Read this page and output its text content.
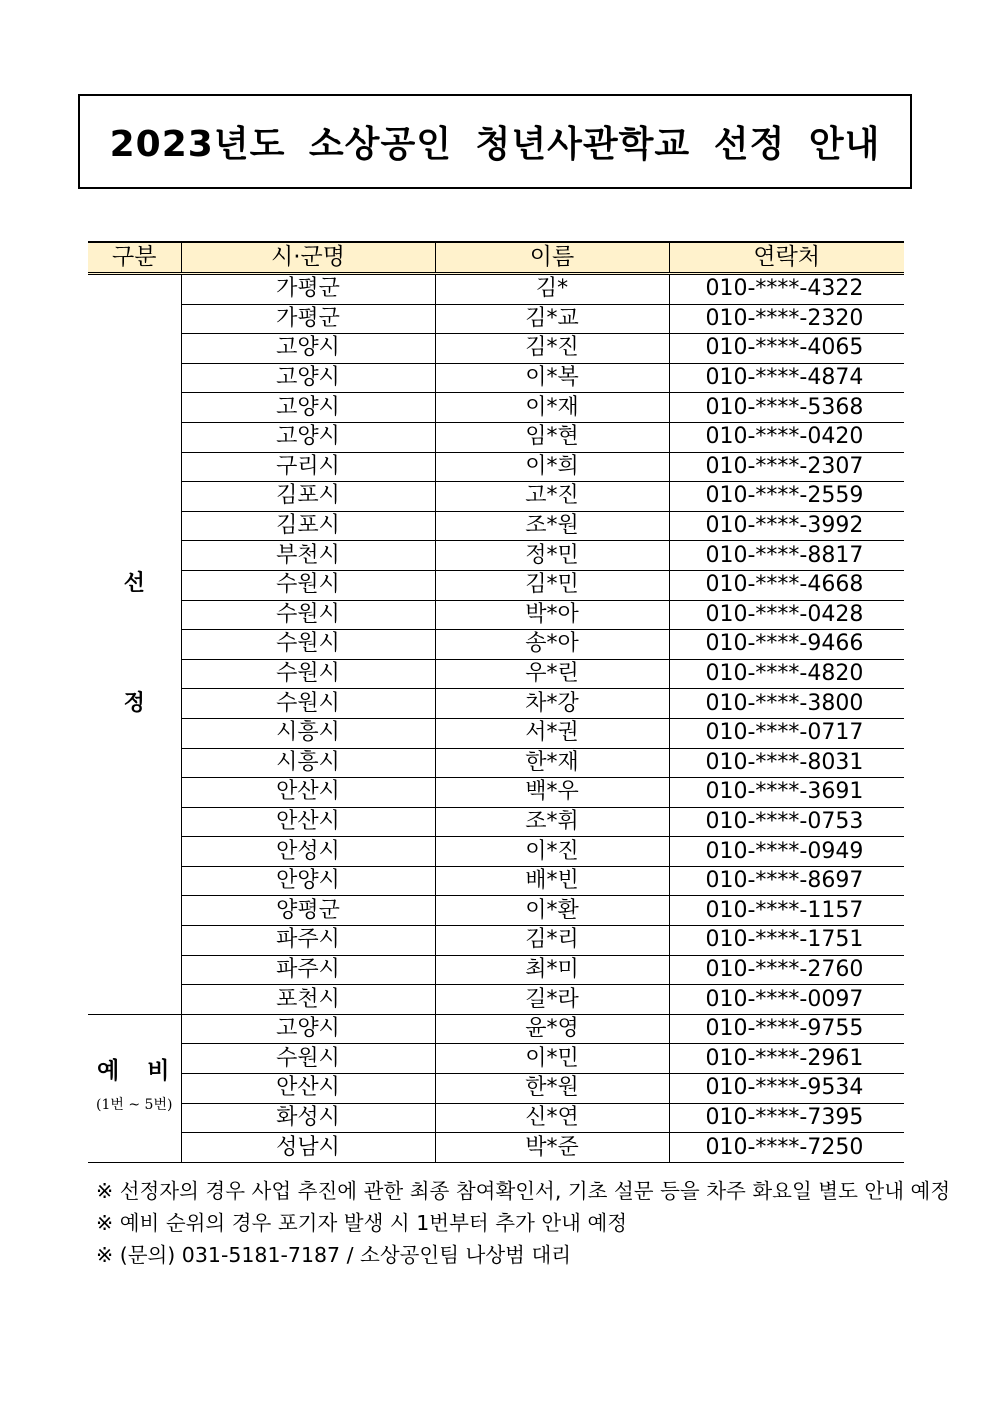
2023년도 소상공인 청년사관학교 선정 안내
구분	시·군명	이름	연락처

선
정	가평군	김*	010-****-4322
	가평군	김*교	010-****-2320
	고양시	김*진	010-****-4065
	고양시	이*복	010-****-4874
	고양시	이*재	010-****-5368
	고양시	임*현	010-****-0420
	구리시	이*희	010-****-2307
	김포시	고*진	010-****-2559
	김포시	조*원	010-****-3992
	부천시	정*민	010-****-8817
	수원시	김*민	010-****-4668
	수원시	박*아	010-****-0428
	수원시	송*아	010-****-9466
	수원시	우*린	010-****-4820
	수원시	차*강	010-****-3800
	시흥시	서*권	010-****-0717
	시흥시	한*재	010-****-8031
	안산시	백*우	010-****-3691
	안산시	조*휘	010-****-0753
	안성시	이*진	010-****-0949
	안양시	배*빈	010-****-8697
	양평군	이*환	010-****-1157
	파주시	김*리	010-****-1751
	파주시	최*미	010-****-2760
	포천시	길*라	010-****-0097

예 비
(1번 ~ 5번)	고양시	윤*영	010-****-9755
	수원시	이*민	010-****-2961
	안산시	한*원	010-****-9534
	화성시	신*연	010-****-7395
	성남시	박*준	010-****-7250
※ 선정자의 경우 사업 추진에 관한 최종 참여확인서, 기초 설문 등을 차주 화요일 별도 안내 예정
※ 예비 순위의 경우 포기자 발생 시 1번부터 추가 안내 예정
※ (문의) 031-5181-7187 / 소상공인팀 나상범 대리
